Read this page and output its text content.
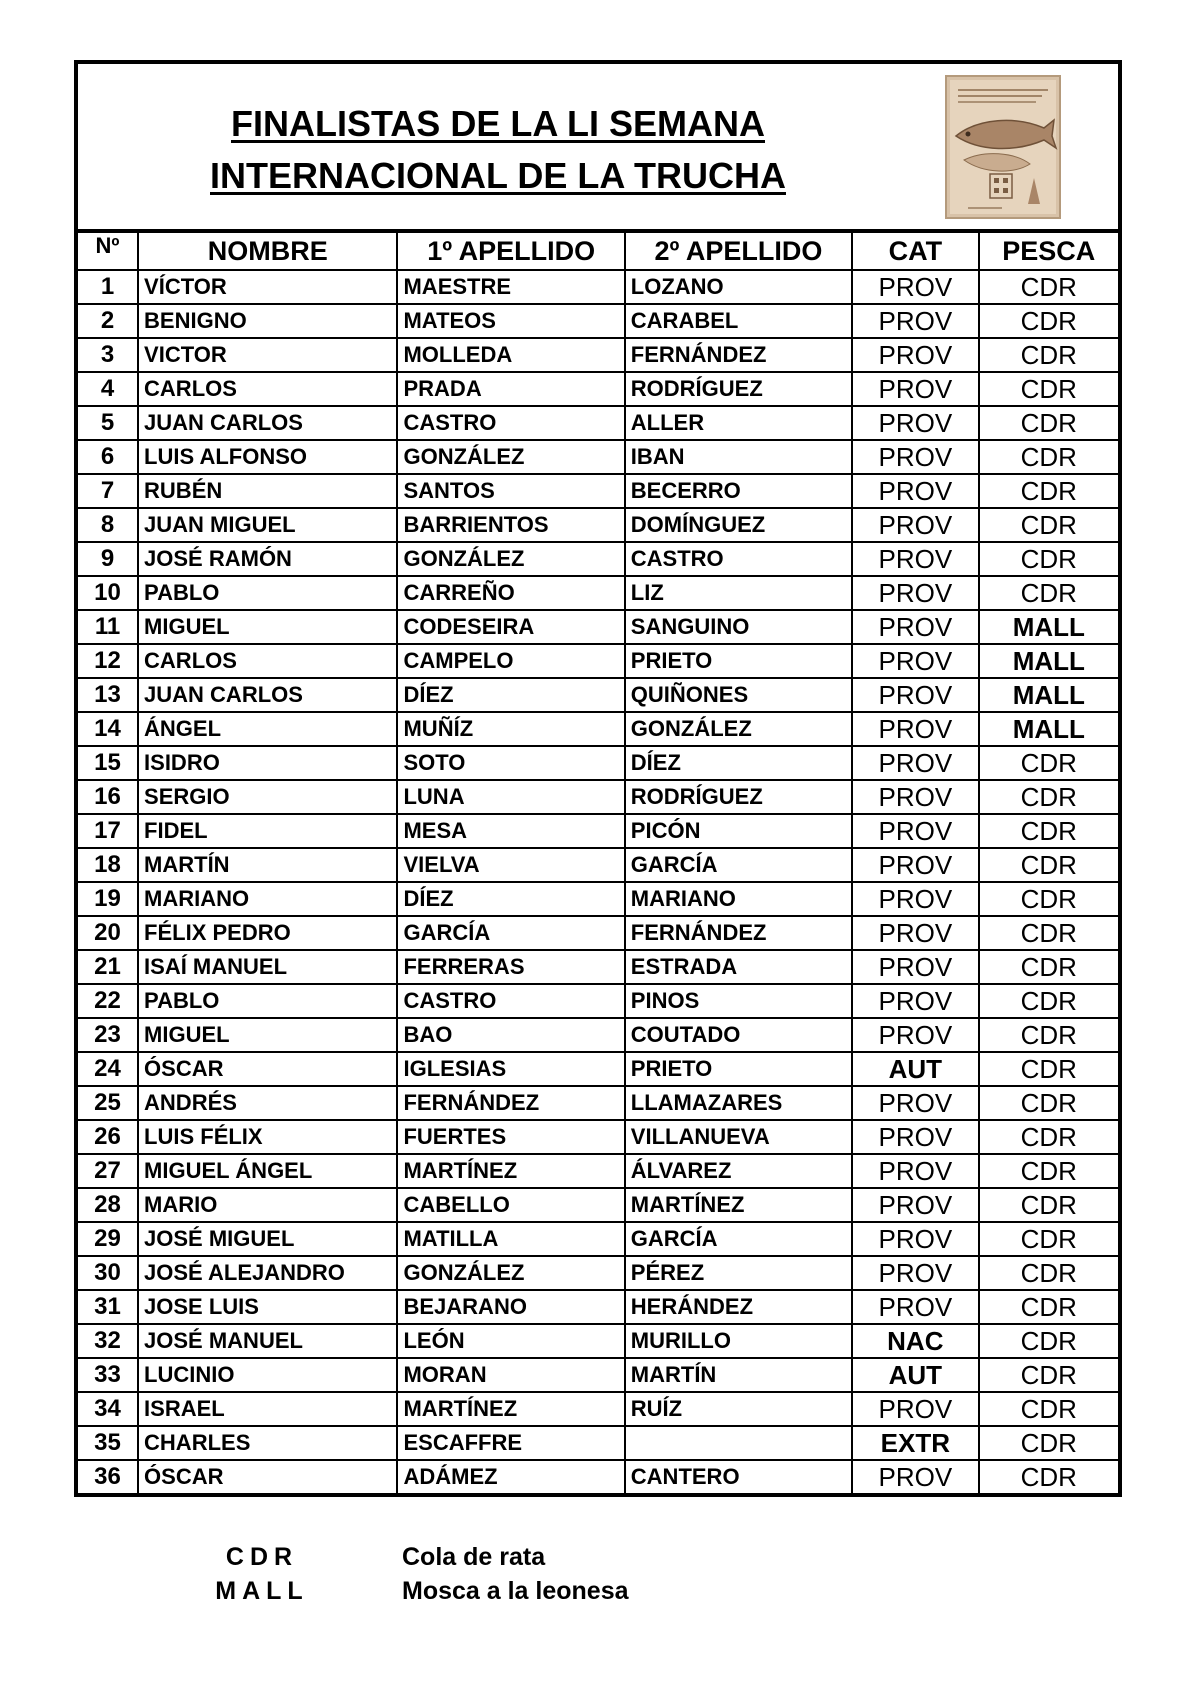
FINALISTAS DE LA LI SEMANA
INTERNACIONAL DE LA TRUCHA
Nº	NOMBRE	1º APELLIDO	2º APELLIDO	CAT	PESCA
1	VÍCTOR	MAESTRE	LOZANO	PROV	CDR
2	BENIGNO	MATEOS	CARABEL	PROV	CDR
3	VICTOR	MOLLEDA	FERNÁNDEZ	PROV	CDR
4	CARLOS	PRADA	RODRÍGUEZ	PROV	CDR
5	JUAN CARLOS	CASTRO	ALLER	PROV	CDR
6	LUIS ALFONSO	GONZÁLEZ	IBAN	PROV	CDR
7	RUBÉN	SANTOS	BECERRO	PROV	CDR
8	JUAN MIGUEL	BARRIENTOS	DOMÍNGUEZ	PROV	CDR
9	JOSÉ RAMÓN	GONZÁLEZ	CASTRO	PROV	CDR
10	PABLO	CARREÑO	LIZ	PROV	CDR
11	MIGUEL	CODESEIRA	SANGUINO	PROV	MALL
12	CARLOS	CAMPELO	PRIETO	PROV	MALL
13	JUAN CARLOS	DÍEZ	QUIÑONES	PROV	MALL
14	ÁNGEL	MUÑÍZ	GONZÁLEZ	PROV	MALL
15	ISIDRO	SOTO	DÍEZ	PROV	CDR
16	SERGIO	LUNA	RODRÍGUEZ	PROV	CDR
17	FIDEL	MESA	PICÓN	PROV	CDR
18	MARTÍN	VIELVA	GARCÍA	PROV	CDR
19	MARIANO	DÍEZ	MARIANO	PROV	CDR
20	FÉLIX PEDRO	GARCÍA	FERNÁNDEZ	PROV	CDR
21	ISAÍ MANUEL	FERRERAS	ESTRADA	PROV	CDR
22	PABLO	CASTRO	PINOS	PROV	CDR
23	MIGUEL	BAO	COUTADO	PROV	CDR
24	ÓSCAR	IGLESIAS	PRIETO	AUT	CDR
25	ANDRÉS	FERNÁNDEZ	LLAMAZARES	PROV	CDR
26	LUIS FÉLIX	FUERTES	VILLANUEVA	PROV	CDR
27	MIGUEL ÁNGEL	MARTÍNEZ	ÁLVAREZ	PROV	CDR
28	MARIO	CABELLO	MARTÍNEZ	PROV	CDR
29	JOSÉ MIGUEL	MATILLA	GARCÍA	PROV	CDR
30	JOSÉ ALEJANDRO	GONZÁLEZ	PÉREZ	PROV	CDR
31	JOSE LUIS	BEJARANO	HERÁNDEZ	PROV	CDR
32	JOSÉ MANUEL	LEÓN	MURILLO	NAC	CDR
33	LUCINIO	MORAN	MARTÍN	AUT	CDR
34	ISRAEL	MARTÍNEZ	RUÍZ	PROV	CDR
35	CHARLES	ESCAFFRE		EXTR	CDR
36	ÓSCAR	ADÁMEZ	CANTERO	PROV	CDR
CDR	Cola de rata
MALL	Mosca a la leonesa
